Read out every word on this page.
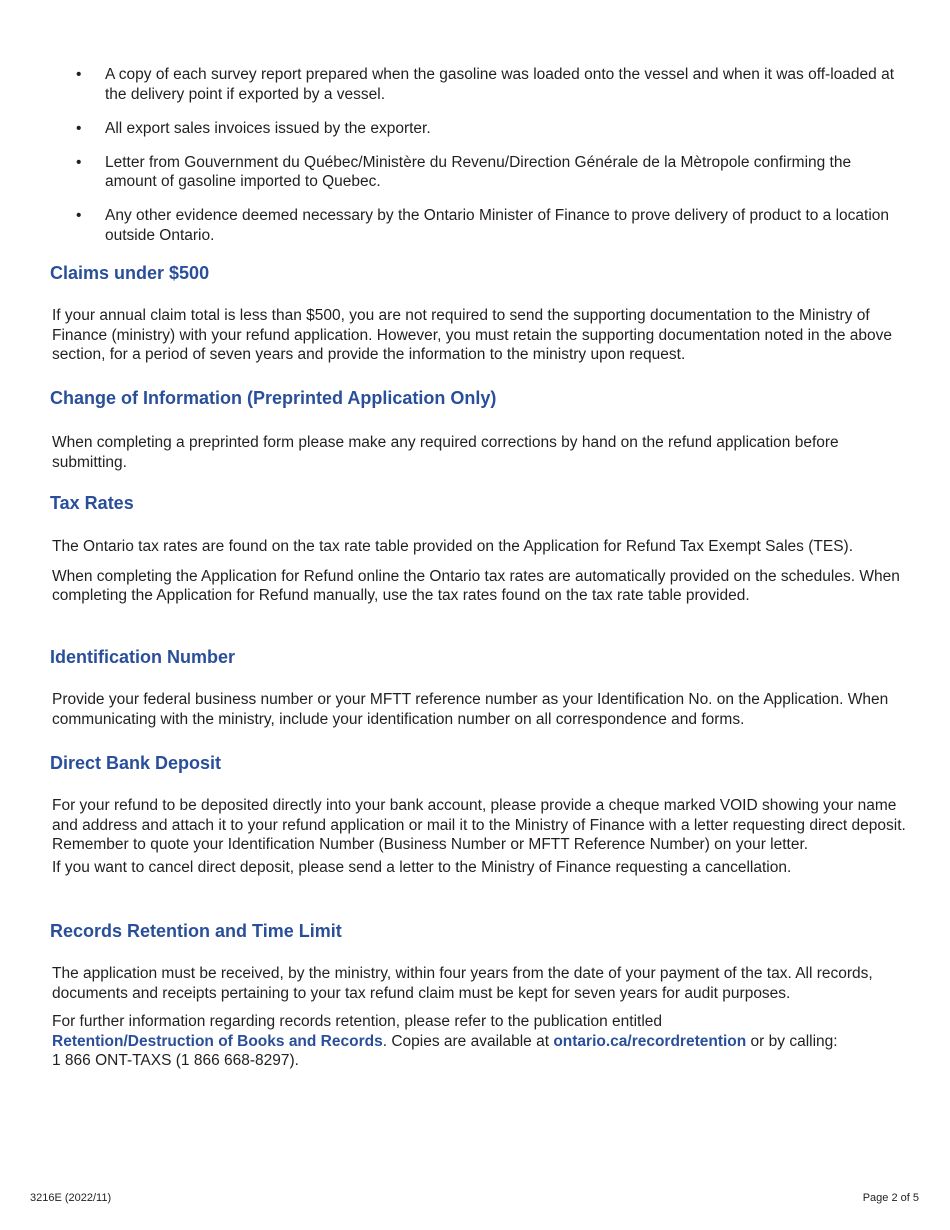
• A copy of each survey report prepared when the gasoline was loaded onto the vessel and when it was off-loaded at the delivery point if exported by a vessel.
• All export sales invoices issued by the exporter.
• Letter from Gouvernment du Québec/Ministère du Revenu/Direction Générale de la Mètropole confirming the amount of gasoline imported to Quebec.
• Any other evidence deemed necessary by the Ontario Minister of Finance to prove delivery of product to a location outside Ontario.
Claims under $500

If your annual claim total is less than $500, you are not required to send the supporting documentation to the Ministry of Finance (ministry) with your refund application. However, you must retain the supporting documentation noted in the above section, for a period of seven years and provide the information to the ministry upon request.

Change of Information (Preprinted Application Only)

When completing a preprinted form please make any required corrections by hand on the refund application before submitting.

Tax Rates

The Ontario tax rates are found on the tax rate table provided on the Application for Refund Tax Exempt Sales (TES).

When completing the Application for Refund online the Ontario tax rates are automatically provided on the schedules. When completing the Application for Refund manually, use the tax rates found on the tax rate table provided.

Identification Number

Provide your federal business number or your MFTT reference number as your Identification No. on the Application. When communicating with the ministry, include your identification number on all correspondence and forms.

Direct Bank Deposit

For your refund to be deposited directly into your bank account, please provide a cheque marked VOID showing your name and address and attach it to your refund application or mail it to the Ministry of Finance with a letter requesting direct deposit. Remember to quote your Identification Number (Business Number or MFTT Reference Number) on your letter.

If you want to cancel direct deposit, please send a letter to the Ministry of Finance requesting a cancellation.

Records Retention and Time Limit

The application must be received, by the ministry, within four years from the date of your payment of the tax. All records, documents and receipts pertaining to your tax refund claim must be kept for seven years for audit purposes.

For further information regarding records retention, please refer to the publication entitled
Retention/Destruction of Books and Records. Copies are available at ontario.ca/recordretention or by calling:
1 866 ONT-TAXS (1 866 668-8297).

3216E (2022/11)	Page 2 of 5
